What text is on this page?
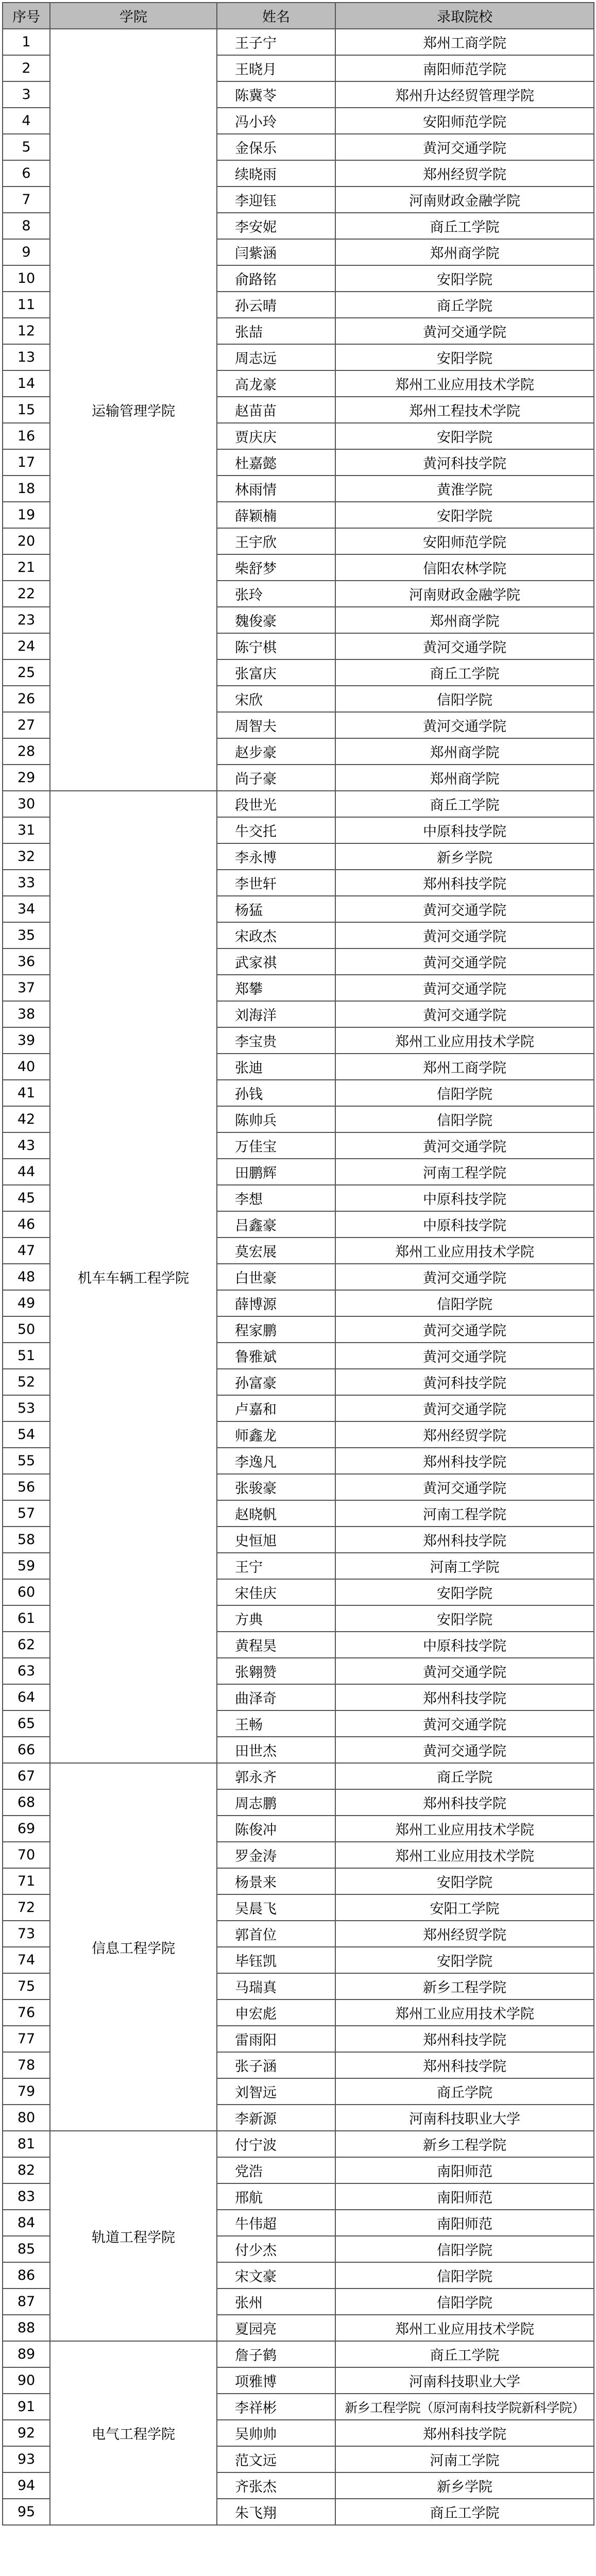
序号	学院	姓名	录取院校
1	运输管理学院	王子宁	郑州工商学院
2		王晓月	南阳师范学院
3		陈冀苓	郑州升达经贸管理学院
4		冯小玲	安阳师范学院
5		金保乐	黄河交通学院
6		续晓雨	郑州经贸学院
7		李迎钰	河南财政金融学院
8		李安妮	商丘工学院
9		闫紫涵	郑州商学院
10		俞路铭	安阳学院
11		孙云晴	商丘学院
12		张喆	黄河交通学院
13		周志远	安阳学院
14		高龙豪	郑州工业应用技术学院
15		赵苗苗	郑州工程技术学院
16		贾庆庆	安阳学院
17		杜嘉懿	黄河科技学院
18		林雨情	黄淮学院
19		薛颖楠	安阳学院
20		王宇欣	安阳师范学院
21		柴舒梦	信阳农林学院
22		张玲	河南财政金融学院
23		魏俊豪	郑州商学院
24		陈宁棋	黄河交通学院
25		张富庆	商丘工学院
26		宋欣	信阳学院
27		周智夫	黄河交通学院
28		赵步豪	郑州商学院
29		尚子豪	郑州商学院
30	机车车辆工程学院	段世光	商丘工学院
31		牛交托	中原科技学院
32		李永博	新乡学院
33		李世轩	郑州科技学院
34		杨猛	黄河交通学院
35		宋政杰	黄河交通学院
36		武家祺	黄河交通学院
37		郑攀	黄河交通学院
38		刘海洋	黄河交通学院
39		李宝贵	郑州工业应用技术学院
40		张迪	郑州工商学院
41		孙钱	信阳学院
42		陈帅兵	信阳学院
43		万佳宝	黄河交通学院
44		田鹏辉	河南工程学院
45		李想	中原科技学院
46		吕鑫豪	中原科技学院
47		莫宏展	郑州工业应用技术学院
48		白世豪	黄河交通学院
49		薛博源	信阳学院
50		程家鹏	黄河交通学院
51		鲁雅斌	黄河交通学院
52		孙富豪	黄河科技学院
53		卢嘉和	黄河交通学院
54		师鑫龙	郑州经贸学院
55		李逸凡	郑州科技学院
56		张骏豪	黄河交通学院
57		赵晓帆	河南工程学院
58		史恒旭	郑州科技学院
59		王宁	河南工学院
60		宋佳庆	安阳学院
61		方典	安阳学院
62		黄程昊	中原科技学院
63		张翱赞	黄河交通学院
64		曲泽奇	郑州科技学院
65		王畅	黄河交通学院
66		田世杰	黄河交通学院
67	信息工程学院	郭永齐	商丘学院
68		周志鹏	郑州科技学院
69		陈俊冲	郑州工业应用技术学院
70		罗金涛	郑州工业应用技术学院
71		杨景来	安阳学院
72		吴晨飞	安阳工学院
73		郭首位	郑州经贸学院
74		毕钰凯	安阳学院
75		马瑞真	新乡工程学院
76		申宏彪	郑州工业应用技术学院
77		雷雨阳	郑州科技学院
78		张子涵	郑州科技学院
79		刘智远	商丘学院
80		李新源	河南科技职业大学
81	轨道工程学院	付宁波	新乡工程学院
82		党浩	南阳师范
83		邢航	南阳师范
84		牛伟超	南阳师范
85		付少杰	信阳学院
86		宋文豪	信阳学院
87		张州	信阳学院
88		夏园亮	郑州工业应用技术学院
89	电气工程学院	詹子鹤	商丘工学院
90		项雅博	河南科技职业大学
91		李祥彬	新乡工程学院（原河南科技学院新科学院）
92		吴帅帅	郑州科技学院
93		范文远	河南工学院
94		齐张杰	新乡学院
95		朱飞翔	商丘工学院
